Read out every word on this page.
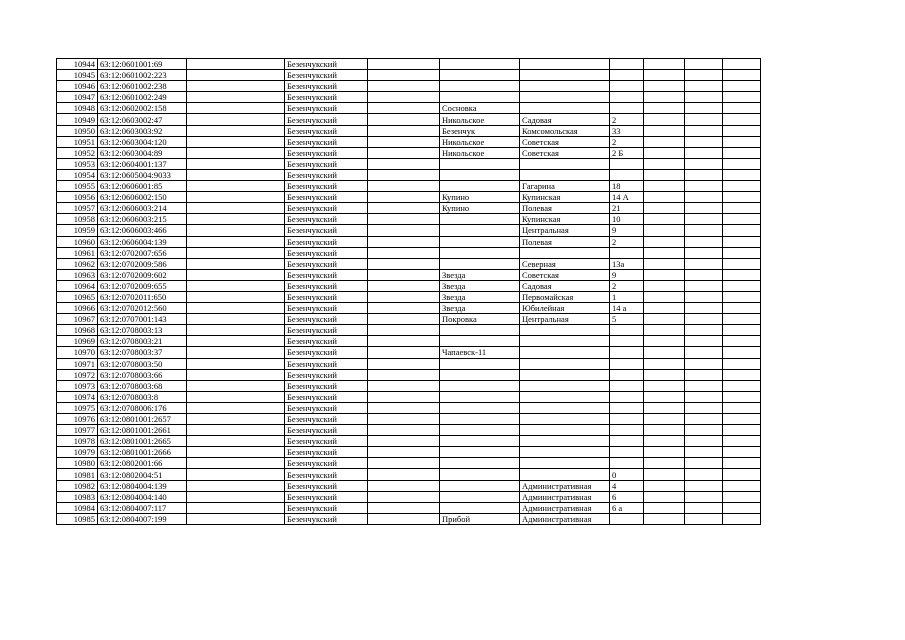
10944	63:12:0601001:69		Безенчукский							
10945	63:12:0601002:223		Безенчукский							
10946	63:12:0601002:238		Безенчукский							
10947	63:12:0601002:249		Безенчукский							
10948	63:12:0602002:158		Безенчукский		Сосновка					
10949	63:12:0603002:47		Безенчукский		Никольское	Садовая	2			
10950	63:12:0603003:92		Безенчукский		Безенчук	Комсомольская	33			
10951	63:12:0603004:120		Безенчукский		Никольское	Советская	2			
10952	63:12:0603004:89		Безенчукский		Никольское	Советская	2 Б			
10953	63:12:0604001:137		Безенчукский							
10954	63:12:0605004:9033		Безенчукский							
10955	63:12:0606001:85		Безенчукский			Гагарина	18			
10956	63:12:0606002:150		Безенчукский		Купино	Купинская	14 А			
10957	63:12:0606003:214		Безенчукский		Купино	Полевая	21			
10958	63:12:0606003:215		Безенчукский			Купинская	10			
10959	63:12:0606003:466		Безенчукский			Центральная	9			
10960	63:12:0606004:139		Безенчукский			Полевая	2			
10961	63:12:0702007:656		Безенчукский							
10962	63:12:0702009:586		Безенчукский			Северная	13а			
10963	63:12:0702009:602		Безенчукский		Звезда	Советская	9			
10964	63:12:0702009:655		Безенчукский		Звезда	Садовая	2			
10965	63:12:0702011:650		Безенчукский		Звезда	Первомайская	1			
10966	63:12:0702012:560		Безенчукский		Звезда	Юбилейная	14 а			
10967	63:12:0707001:143		Безенчукский		Покровка	Центральная	5			
10968	63:12:0708003:13		Безенчукский							
10969	63:12:0708003:21		Безенчукский							
10970	63:12:0708003:37		Безенчукский		Чапаевск-11					
10971	63:12:0708003:50		Безенчукский							
10972	63:12:0708003:66		Безенчукский							
10973	63:12:0708003:68		Безенчукский							
10974	63:12:0708003:8		Безенчукский							
10975	63:12:0708006:176		Безенчукский							
10976	63:12:0801001:2657		Безенчукский							
10977	63:12:0801001:2661		Безенчукский							
10978	63:12:0801001:2665		Безенчукский							
10979	63:12:0801001:2666		Безенчукский							
10980	63:12:0802001:66		Безенчукский							
10981	63:12:0802004:51		Безенчукский				0			
10982	63:12:0804004:139		Безенчукский			Административная	4			
10983	63:12:0804004:140		Безенчукский			Административная	6			
10984	63:12:0804007:117		Безенчукский			Административная	6 а			
10985	63:12:0804007:199		Безенчукский		Прибой	Административная				
